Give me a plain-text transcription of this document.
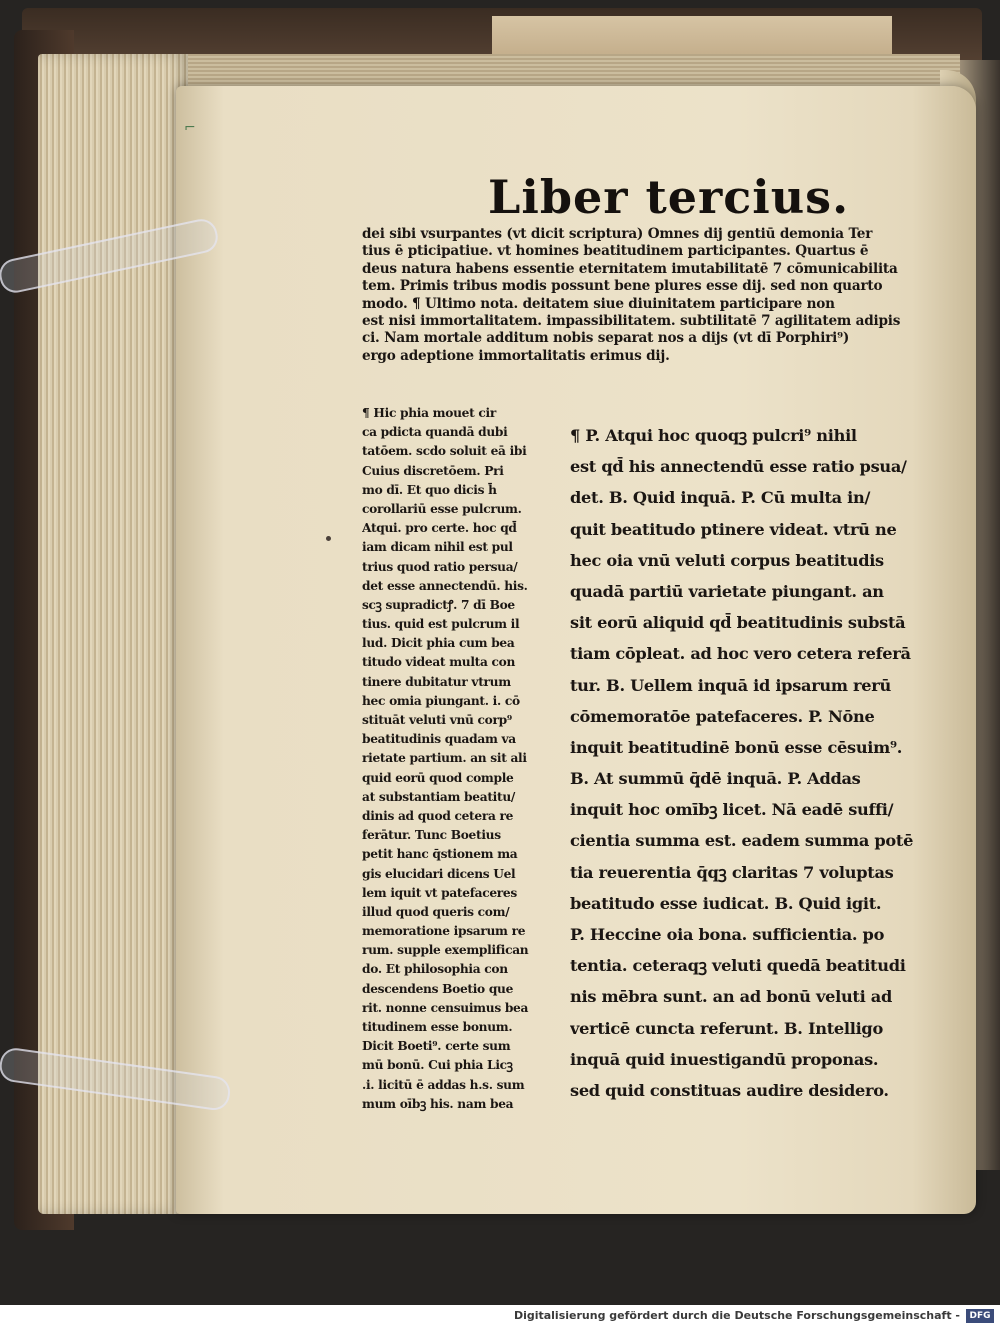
⌐
Liber tercius.
dei sibi vsurpantes (vt dicit scriptura) Omnes dij gentiū demonia Ter
tius ē pticipatiue. vt homines beatitudinem participantes. Quartus ē
deus natura habens essentie eternitatem imutabilitatē 7 cōmunicabilita
tem. Primis tribus modis possunt bene plures esse dij. sed non quarto
modo. ¶ Ultimo nota. deitatem siue diuinitatem participare non
est nisi immortalitatem. impassibilitatem. subtilitatē 7 agilitatem adipis
ci. Nam mortale additum nobis separat nos a dijs (vt dī Porphiri⁹)
ergo adeptione immortalitatis erimus dij.
¶ Hic phia mouet cir
ca pdicta quandā dubi
tatōem. scdo soluit eā ibi
Cuius discretōem. Pri
mo dī. Et quo dicis h̄
corollariū esse pulcrum.
Atqui. pro certe. hoc qd̄
iam dicam nihil est pul
trius quod ratio persua/
det esse annectendū. his.
scꝫ supradictꝭ. 7 dī Boe
tius. quid est pulcrum il
lud. Dicit phia cum bea
titudo videat multa con
tinere dubitatur vtrum
hec omia piungant. i. cō
stituāt veluti vnū corp⁹
beatitudinis quadam va
rietate partium. an sit ali
quid eorū quod comple
at substantiam beatitu/
dinis ad quod cetera re
ferātur. Tunc Boetius
petit hanc q̄stionem ma
gis elucidari dicens Uel
lem iquit vt patefaceres
illud quod queris com/
memoratione ipsarum re
rum. supple exemplifican
do. Et philosophia con
descendens Boetio que
rit. nonne censuimus bea
titudinem esse bonum.
Dicit Boeti⁹. certe sum
mū bonū. Cui phia Licꝫ
.i. licitū ē addas h.s. sum
mum oībꝫ his. nam bea
¶ P. Atqui hoc quoqꝫ pulcri⁹ nihil
est qd̄ his annectendū esse ratio psua/
det. B. Quid inquā. P. Cū multa in/
quit beatitudo ptinere videat. vtrū ne
hec oia vnū veluti corpus beatitudis
quadā partiū varietate piungant. an
sit eorū aliquid qd̄ beatitudinis substā
tiam cōpleat. ad hoc vero cetera referā
tur. B. Uellem inquā id ipsarum rerū
cōmemoratōe patefaceres. P. Nōne
inquit beatitudinē bonū esse cēsuim⁹.
B. At summū q̄dē inquā. P. Addas
inquit hoc omībꝫ licet. Nā eadē suffi/
cientia summa est. eadem summa potē
tia reuerentia q̄qꝫ claritas 7 voluptas
beatitudo esse iudicat. B. Quid igit.
P. Heccine oia bona. sufficientia. po
tentia. ceteraqꝫ veluti quedā beatitudi
nis mēbra sunt. an ad bonū veluti ad
verticē cuncta referunt. B. Intelligo
inquā quid inuestigandū proponas.
sed quid constituas audire desidero.
Digitalisierung gefördert durch die Deutsche Forschungsgemeinschaft -	DFG
